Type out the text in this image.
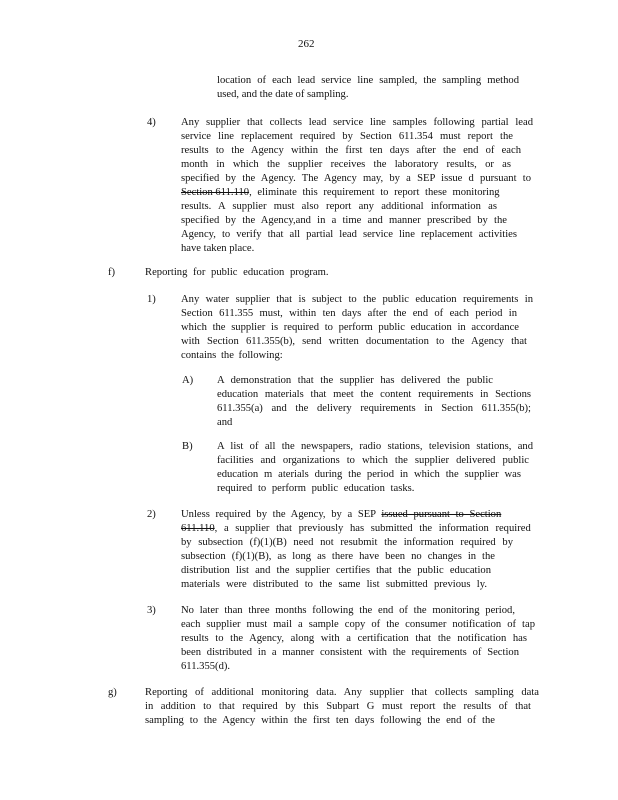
262
location of each lead service line sampled, the sampling method
used, and the date of sampling.
4) Any supplier that collects lead service line samples following partial lead
service line replacement required by Section 611.354 must report the
results to the Agency within the first ten days after the end of each
month in which the supplier receives the laboratory results, or as
specified by the Agency. The Agency may, by a SEP issue d pursuant to
Section 611.110, eliminate this requirement to report these monitoring
results. A supplier must also report any additional information as
specified by the Agency,and in a time and manner prescribed by the
Agency, to verify that all partial lead service line replacement activities
have taken place.
f)	Reporting for public education program.
1) Any water supplier that is subject to the public education requirements in
Section 611.355 must, within ten days after the end of each period in
which the supplier is required to perform public education in accordance
with Section 611.355(b), send written documentation to the Agency that
contains the following:
A) A demonstration that the supplier has delivered the public
education materials that meet the content requirements in Sections
611.355(a) and the delivery requirements in Section 611.355(b);
and
B) A list of all the newspapers, radio stations, television stations, and
facilities and organizations to which the supplier delivered public
education m aterials during the period in which the supplier was
required to perform public education tasks.
2) Unless required by the Agency, by a SEP issued pursuant to Section
611.110, a supplier that previously has submitted the information required
by subsection (f)(1)(B) need not resubmit the information required by
subsection (f)(1)(B), as long as there have been no changes in the
distribution list and the supplier certifies that the public education
materials were distributed to the same list submitted previous ly.
3) No later than three months following the end of the monitoring period,
each supplier must mail a sample copy of the consumer notification of tap
results to the Agency, along with a certification that the notification has
been distributed in a manner consistent with the requirements of Section
611.355(d).
g)	Reporting of additional monitoring data. Any supplier that collects sampling data
in addition to that required by this Subpart G must report the results of that
sampling to the Agency within the first ten days following the end of the
